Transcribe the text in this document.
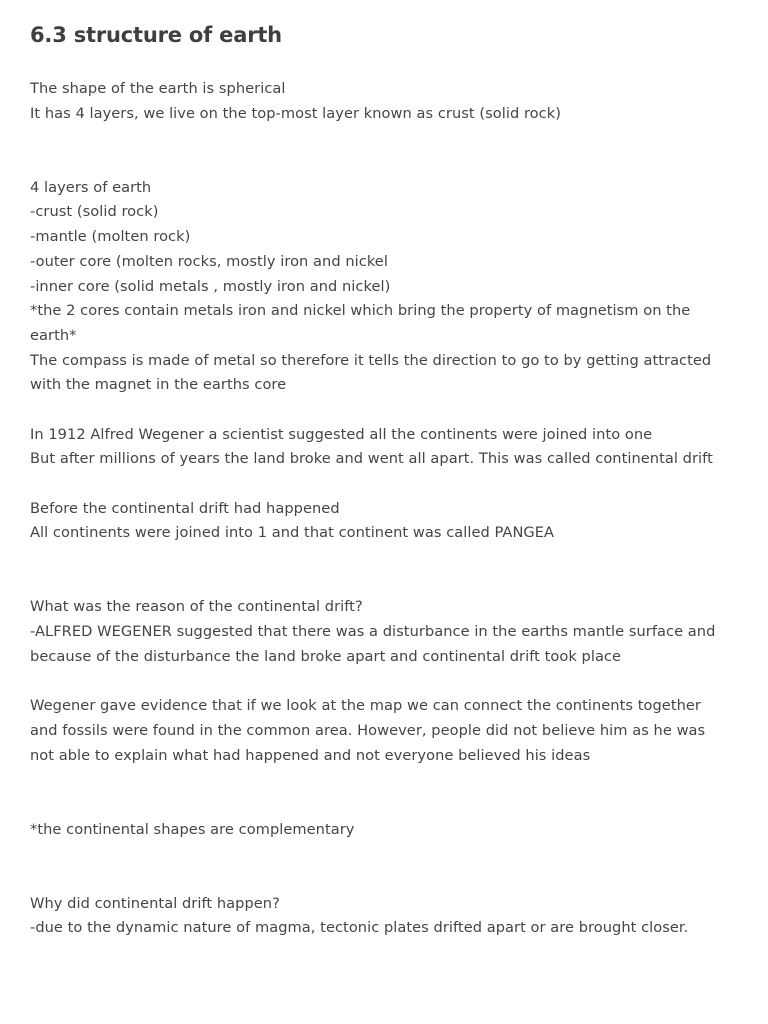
6.3 structure of earth
The shape of the earth is spherical
It has 4 layers, we live on the top-most layer known as crust (solid rock)
4 layers of earth
-crust (solid rock)
-mantle (molten rock)
-outer core (molten rocks, mostly iron and nickel
-inner core (solid metals , mostly iron and nickel)
*the 2 cores contain metals iron and nickel which bring the property of magnetism on the
earth*
The compass is made of metal so therefore it tells the direction to go to by getting attracted
with the magnet in the earths core
In 1912 Alfred Wegener a scientist suggested all the continents were joined into one
But after millions of years the land broke and went all apart. This was called continental drift
Before the continental drift had happened
All continents were joined into 1 and that continent was called PANGEA
What was the reason of the continental drift?
-ALFRED WEGENER suggested that there was a disturbance in the earths mantle surface and
because of the disturbance the land broke apart and continental drift took place
Wegener gave evidence that if we look at the map we can connect the continents together
and fossils were found in the common area. However, people did not believe him as he was
not able to explain what had happened and not everyone believed his ideas
*the continental shapes are complementary
Why did continental drift happen?
-due to the dynamic nature of magma, tectonic plates drifted apart or are brought closer.
